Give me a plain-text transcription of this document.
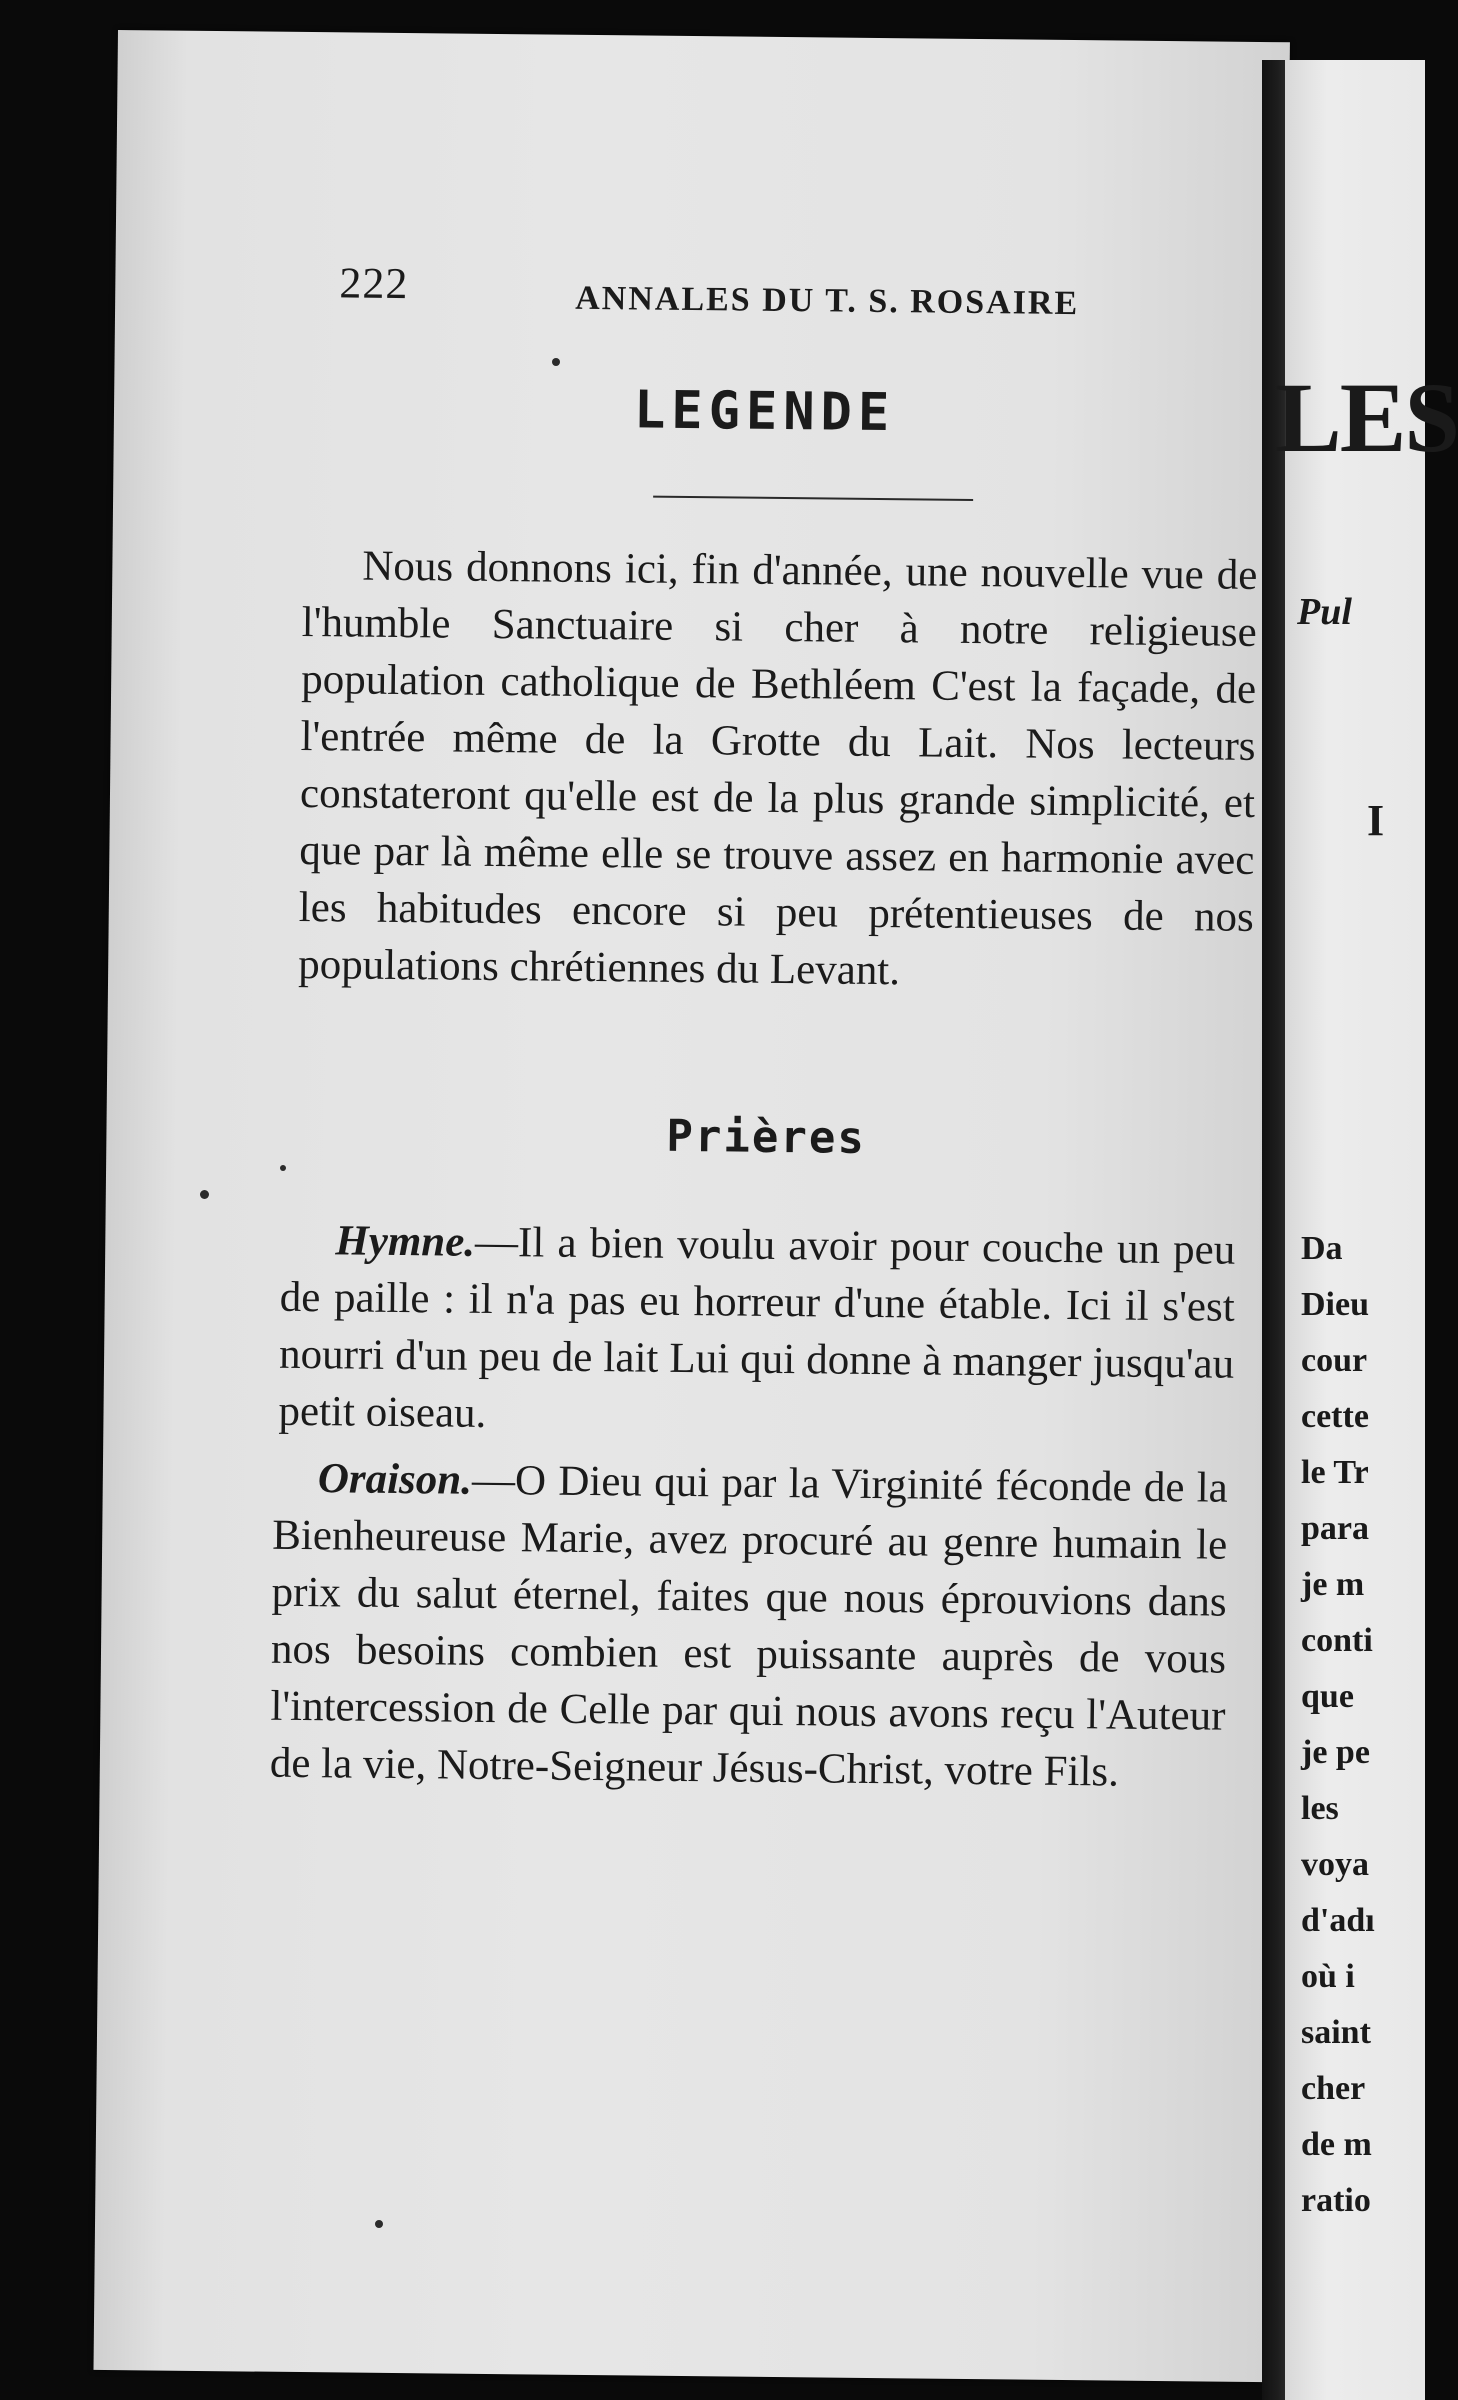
222	ANNALES DU T. S. ROSAIRE
LEGENDE
Nous donnons ici, fin d'année, une nouvelle vue de l'humble Sanctuaire si cher à notre religieuse population catholique de Bethléem C'est la façade, de l'entrée même de la Grotte du Lait. Nos lecteurs constateront qu'elle est de la plus grande simplicité, et que par là même elle se trouve assez en harmonie avec les habitudes encore si peu prétentieuses de nos populations chrétiennes du Levant.
Prières
Hymne.—Il a bien voulu avoir pour couche un peu de paille : il n'a pas eu horreur d'une étable. Ici il s'est nourri d'un peu de lait Lui qui donne à manger jusqu'au petit oiseau.
Oraison.—O Dieu qui par la Virginité féconde de la Bienheureuse Marie, avez procuré au genre humain le prix du salut éternel, faites que nous éprouvions dans nos besoins combien est puissante auprès de vous l'intercession de Celle par qui nous avons reçu l'Auteur de la vie, Notre-Seigneur Jésus-Christ, votre Fils.
LES
Pul
I
Da
Dieu
cour
cette
le Tr
para
je m
conti
que
je pe
les
voya
d'adı
où i
saint
cher
de m
ratio
